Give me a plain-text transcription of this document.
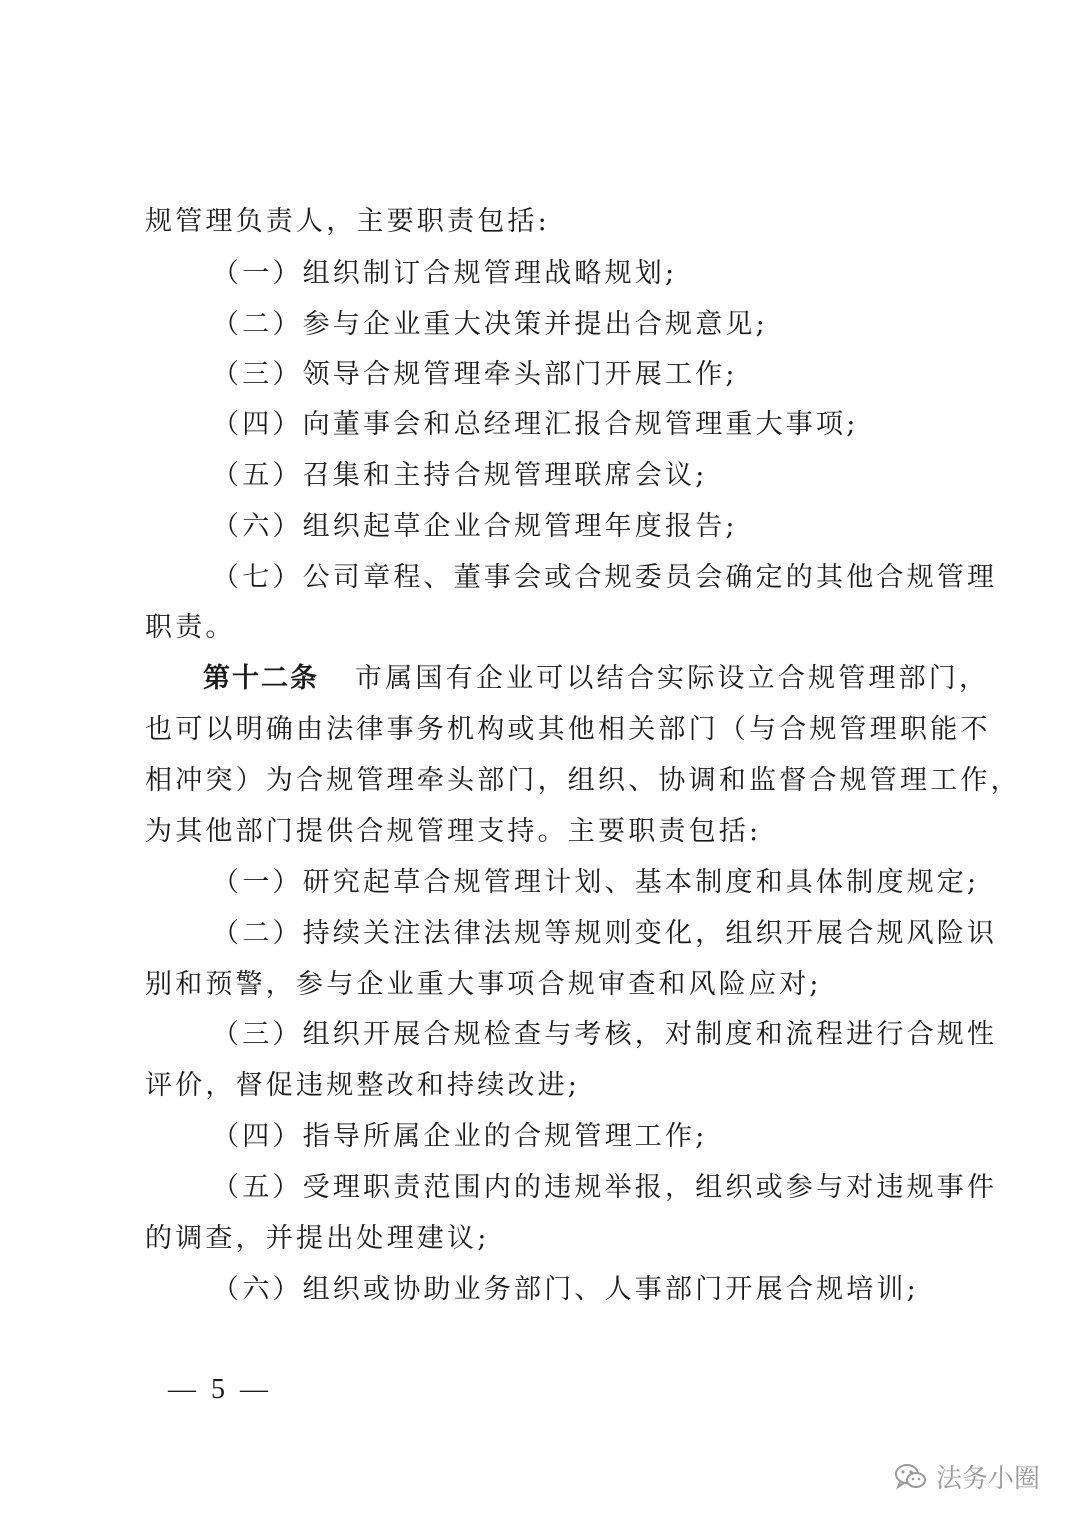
规管理负责人，主要职责包括:
（一）组织制订合规管理战略规划;
（二）参与企业重大决策并提出合规意见;
（三）领导合规管理牵头部门开展工作;
（四）向董事会和总经理汇报合规管理重大事项;
（五）召集和主持合规管理联席会议;
（六）组织起草企业合规管理年度报告;
（七）公司章程、董事会或合规委员会确定的其他合规管理
职责。
第十二条 市属国有企业可以结合实际设立合规管理部门，
也可以明确由法律事务机构或其他相关部门（与合规管理职能不
相冲突）为合规管理牵头部门，组织、协调和监督合规管理工作，
为其他部门提供合规管理支持。主要职责包括:
（一）研究起草合规管理计划、基本制度和具体制度规定;
（二）持续关注法律法规等规则变化，组织开展合规风险识
别和预警，参与企业重大事项合规审查和风险应对;
（三）组织开展合规检查与考核，对制度和流程进行合规性
评价，督促违规整改和持续改进;
（四）指导所属企业的合规管理工作;
（五）受理职责范围内的违规举报，组织或参与对违规事件
的调查，并提出处理建议;
（六）组织或协助业务部门、人事部门开展合规培训;
— 5 —
法务小圈
